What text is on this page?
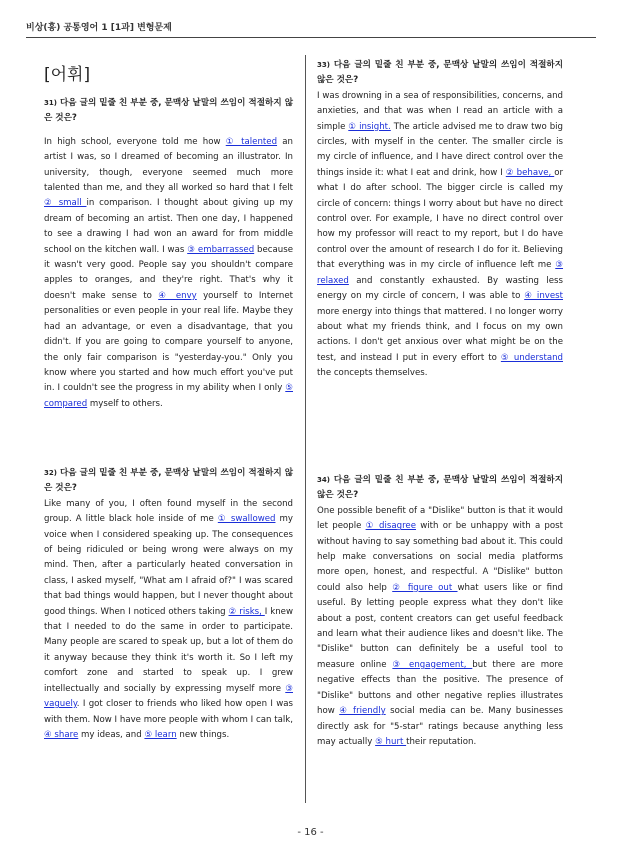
비상(홍) 공통영어 1 [1과] 변형문제
[어휘]
31) 다음 글의 밑줄 친 부분 중, 문맥상 낱말의 쓰임이 적절하지 않은 것은?
In high school, everyone told me how ① talented an artist I was, so I dreamed of becoming an illustrator. In university, though, everyone seemed much more talented than me, and they all worked so hard that I felt ② small in comparison. I thought about giving up my dream of becoming an artist. Then one day, I happened to see a drawing I had won an award for from middle school on the kitchen wall. I was ③ embarrassed because it wasn't very good. People say you shouldn't compare apples to oranges, and they're right. That's why it doesn't make sense to ④ envy yourself to Internet personalities or even people in your real life. Maybe they had an advantage, or even a disadvantage, that you didn't. If you are going to compare yourself to anyone, the only fair comparison is "yesterday-you." Only you know where you started and how much effort you've put in. I couldn't see the progress in my ability when I only ⑤ compared myself to others.
32) 다음 글의 밑줄 친 부분 중, 문맥상 낱말의 쓰임이 적절하지 않은 것은?
Like many of you, I often found myself in the second group. A little black hole inside of me ① swallowed my voice when I considered speaking up. The consequences of being ridiculed or being wrong were always on my mind. Then, after a particularly heated conversation in class, I asked myself, "What am I afraid of?" I was scared that bad things would happen, but I never thought about good things. When I noticed others taking ② risks, I knew that I needed to do the same in order to participate. Many people are scared to speak up, but a lot of them do it anyway because they think it's worth it. So I left my comfort zone and started to speak up. I grew intellectually and socially by expressing myself more ③ vaguely. I got closer to friends who liked how open I was with them. Now I have more people with whom I can talk, ④ share my ideas, and ⑤ learn new things.
33) 다음 글의 밑줄 친 부분 중, 문맥상 낱말의 쓰임이 적절하지 않은 것은?
I was drowning in a sea of responsibilities, concerns, and anxieties, and that was when I read an article with a simple ① insight. The article advised me to draw two big circles, with myself in the center. The smaller circle is my circle of influence, and I have direct control over the things inside it: what I eat and drink, how I ② behave, or what I do after school. The bigger circle is called my circle of concern: things I worry about but have no direct control over. For example, I have no direct control over how my professor will react to my report, but I do have control over the amount of research I do for it. Believing that everything was in my circle of influence left me ③ relaxed and constantly exhausted. By wasting less energy on my circle of concern, I was able to ④ invest more energy into things that mattered. I no longer worry about what my friends think, and I focus on my own actions. I don't get anxious over what might be on the test, and instead I put in every effort to ⑤ understand the concepts themselves.
34) 다음 글의 밑줄 친 부분 중, 문맥상 낱말의 쓰임이 적절하지 않은 것은?
One possible benefit of a "Dislike" button is that it would let people ① disagree with or be unhappy with a post without having to say something bad about it. This could help make conversations on social media platforms more open, honest, and respectful. A "Dislike" button could also help ② figure out what users like or find useful. By letting people express what they don't like about a post, content creators can get useful feedback and learn what their audience likes and doesn't like. The "Dislike" button can definitely be a useful tool to measure online ③ engagement, but there are more negative effects than the positive. The presence of "Dislike" buttons and other negative replies illustrates how ④ friendly social media can be. Many businesses directly ask for "5-star" ratings because anything less may actually ⑤ hurt their reputation.
- 16 -
